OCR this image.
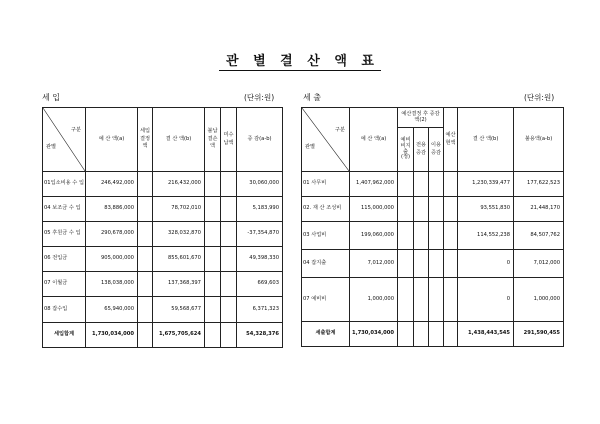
관 별 결 산 액 표
세 입	(단위:원)
구분
관별	예 산 액(a)	세입결정액	결 산 액(b)	불납결손액	미수납액	증 감(a-b)
01입소비용 수 입	246,492,000		216,432,000			30,060,000
04 보조금 수 입	83,886,000		78,702,010			5,183,990
05 후원금 수 입	290,678,000		328,032,870			-37,354,870
06 전입금	905,000,000		855,601,670			49,398,330
07 이월금	138,038,000		137,368,397			669,603
08 잡수입	65,940,000		59,568,677			6,371,323
세입합계	1,730,034,000		1,675,705,624			54,328,376
세 출	(단위:원)
구분
관별	예 산 액(a)	예산결정 후 증감액(2)			예산현액	결 산 액(b)	불용액(a-b)
		예비비지출(정)	전용증감	이용증감			
01 사무비	1,407,962,000					1,230,339,477	177,622,523
02. 재 산 조성비	115,000,000					93,551,830	21,448,170
03 사업비	199,060,000					114,552,238	84,507,762
04 잡지출	7,012,000					0	7,012,000
07 예비비	1,000,000					0	1,000,000
세출합계	1,730,034,000					1,438,443,545	291,590,455
